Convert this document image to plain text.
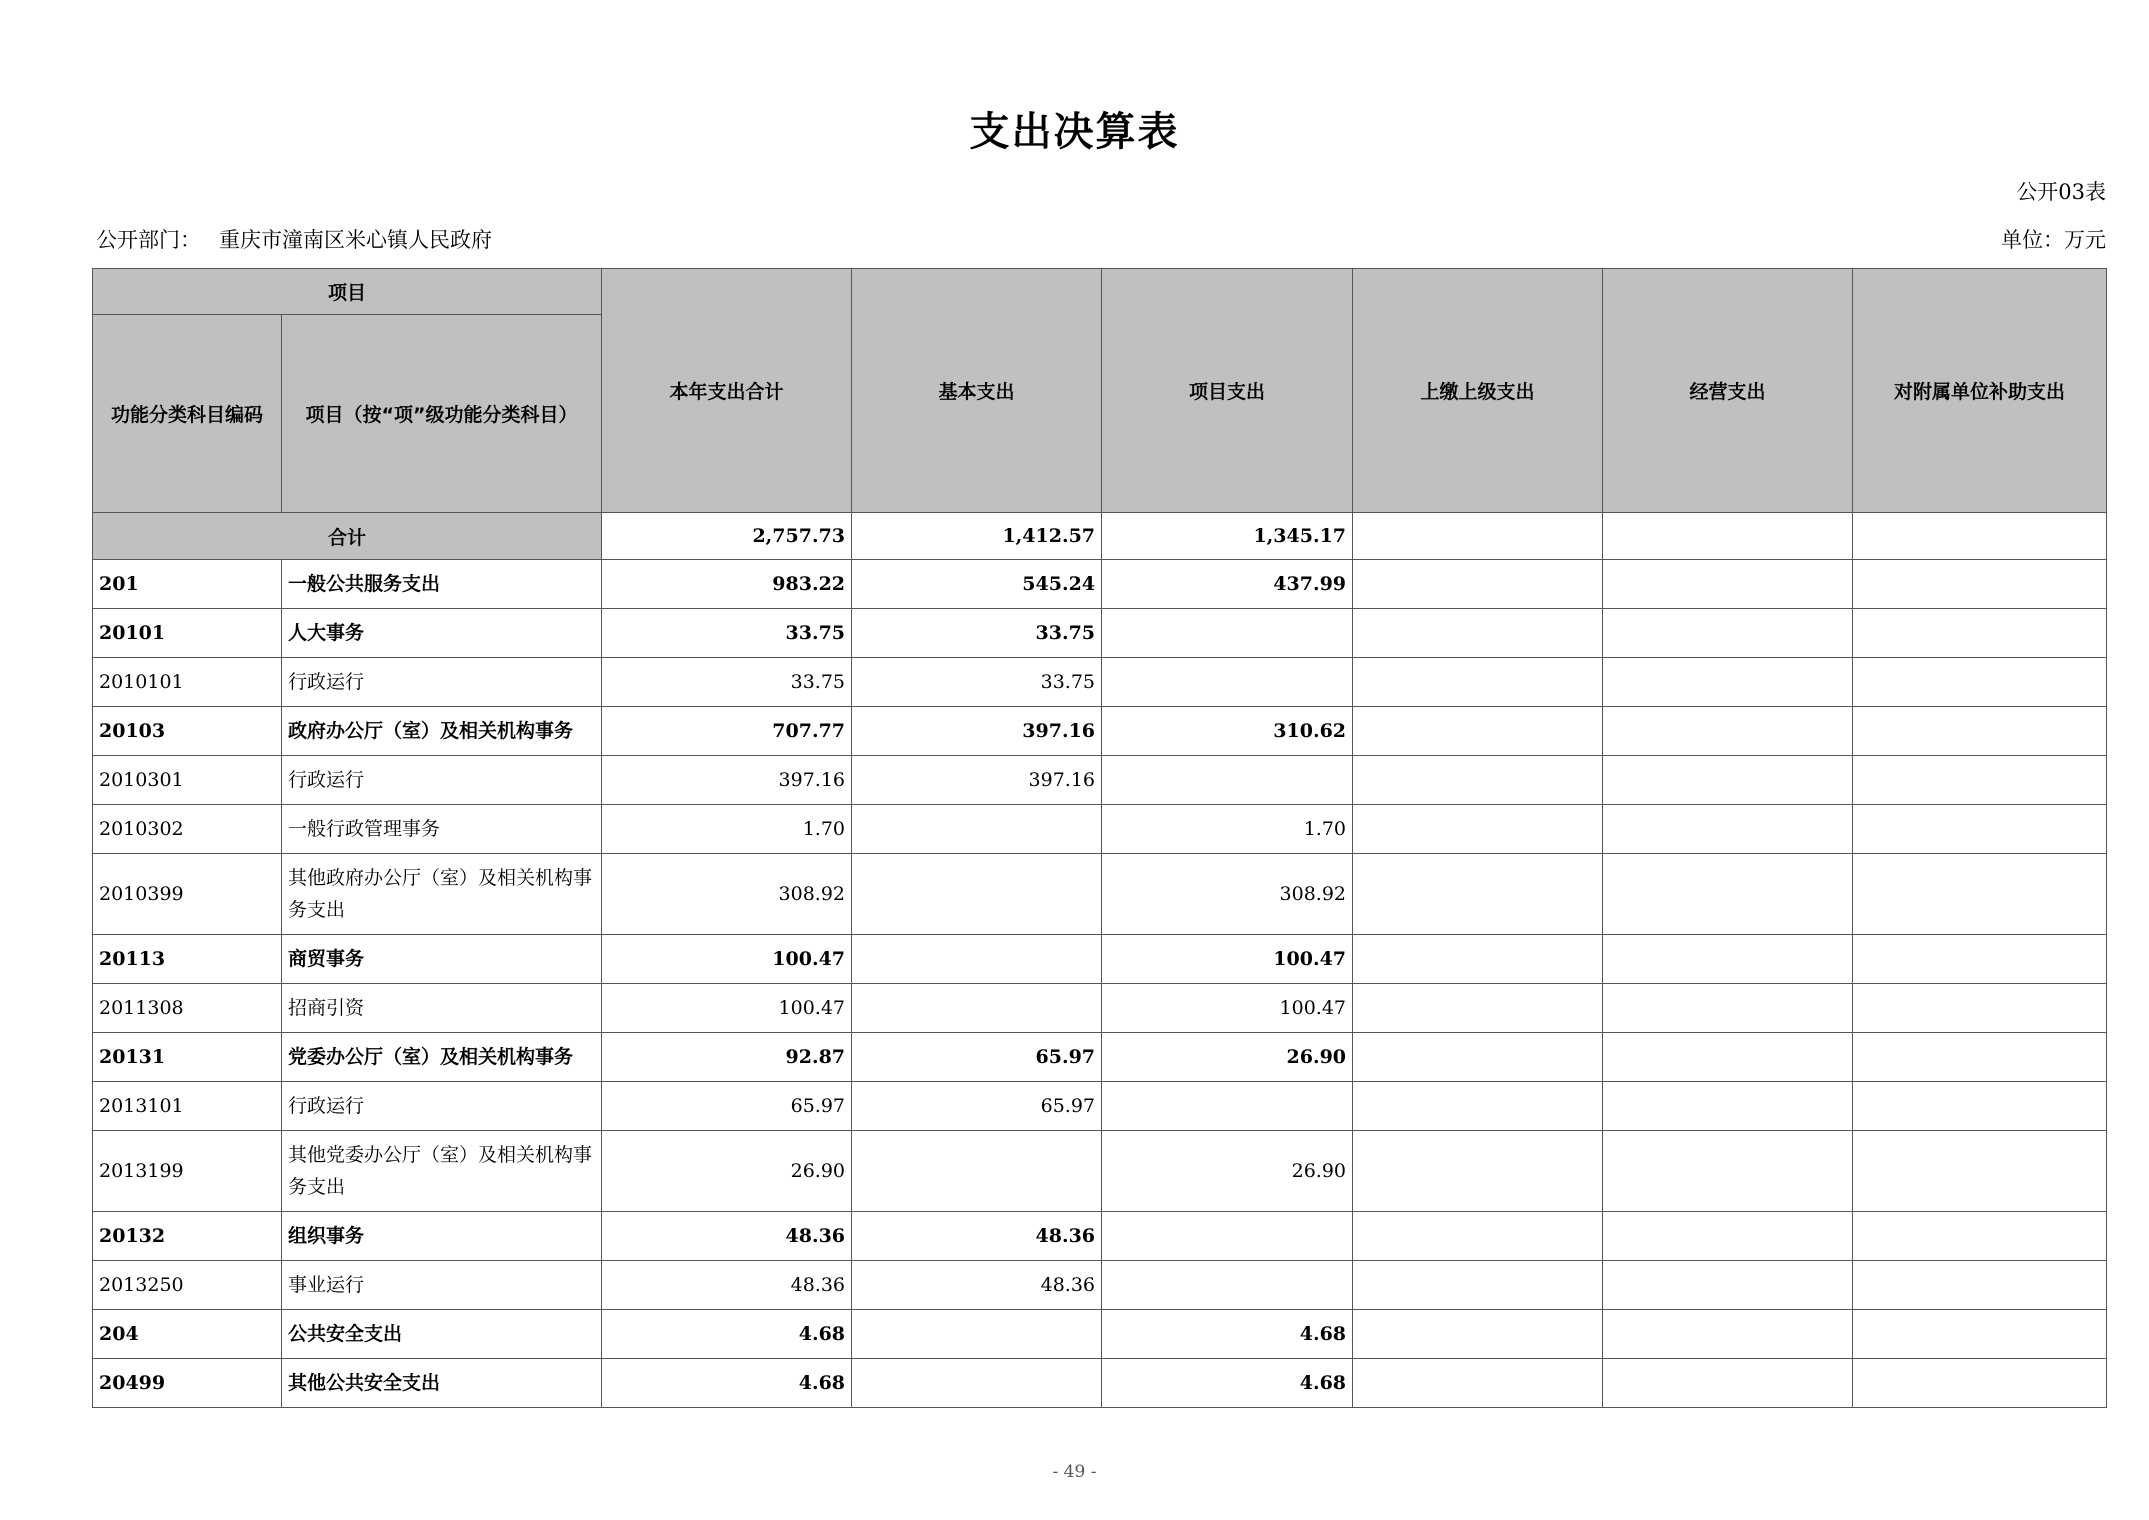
支出决算表
公开03表
公开部门： 重庆市潼南区米心镇人民政府	单位：万元
项目		本年支出合计	基本支出	项目支出	上缴上级支出	经营支出	对附属单位补助支出
功能分类科目编码	项目（按“项”级功能分类科目）						
合计		2,757.73	1,412.57	1,345.17			
201	一般公共服务支出	983.22	545.24	437.99			
20101	人大事务	33.75	33.75				
2010101	行政运行	33.75	33.75				
20103	政府办公厅（室）及相关机构事务	707.77	397.16	310.62			
2010301	行政运行	397.16	397.16				
2010302	一般行政管理事务	1.70		1.70			
2010399	其他政府办公厅（室）及相关机构事务支出	308.92		308.92			
20113	商贸事务	100.47		100.47			
2011308	招商引资	100.47		100.47			
20131	党委办公厅（室）及相关机构事务	92.87	65.97	26.90			
2013101	行政运行	65.97	65.97				
2013199	其他党委办公厅（室）及相关机构事务支出	26.90		26.90			
20132	组织事务	48.36	48.36				
2013250	事业运行	48.36	48.36				
204	公共安全支出	4.68		4.68			
20499	其他公共安全支出	4.68		4.68			
- 49 -
